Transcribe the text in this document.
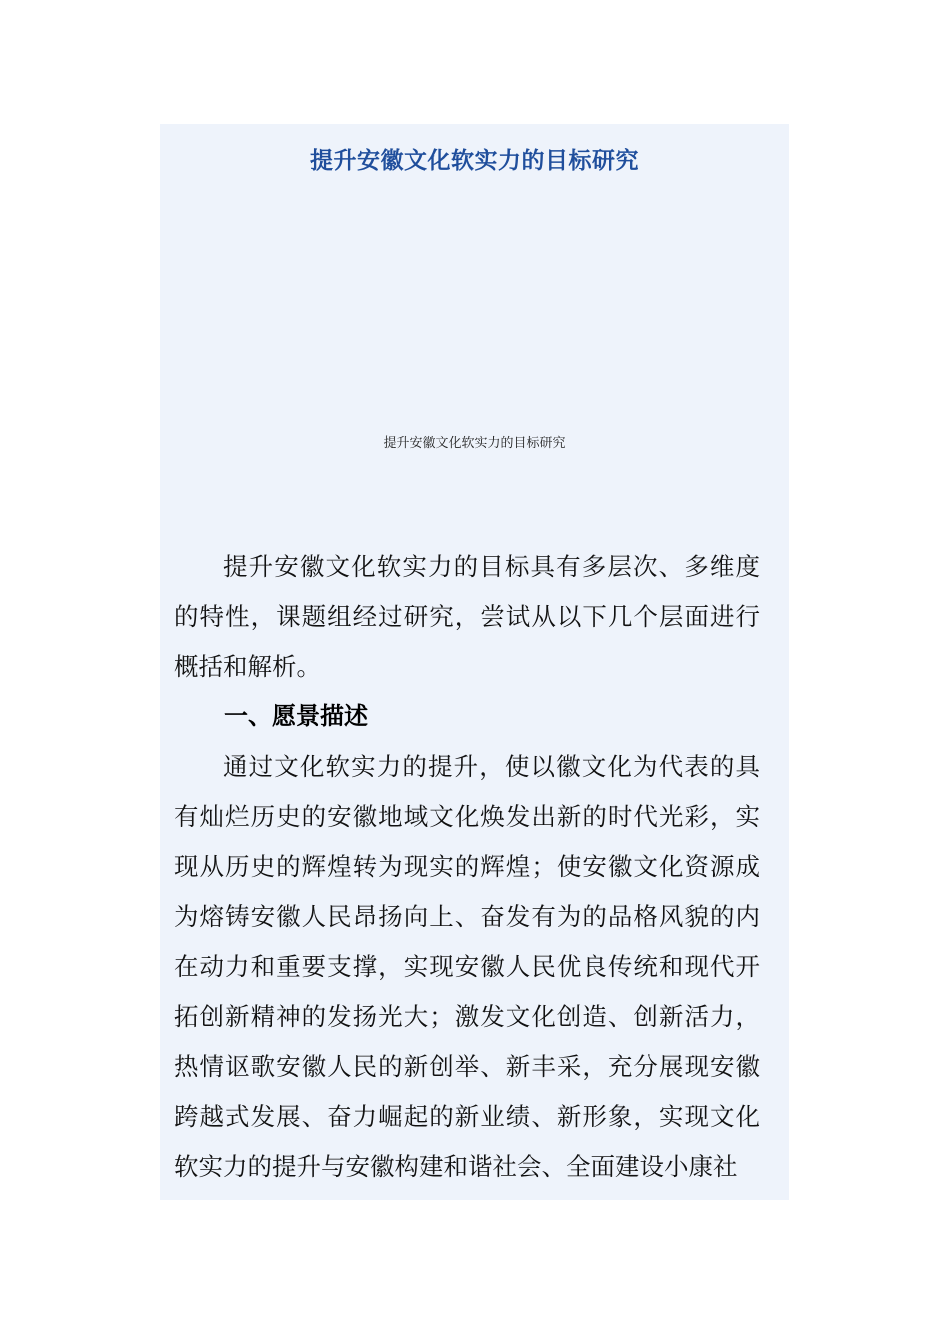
提升安徽文化软实力的目标研究
提升安徽文化软实力的目标研究

提升安徽文化软实力的目标具有多层次、多维度的特性，课题组经过研究，尝试从以下几个层面进行概括和解析。

一、愿景描述

通过文化软实力的提升，使以徽文化为代表的具有灿烂历史的安徽地域文化焕发出新的时代光彩，实现从历史的辉煌转为现实的辉煌；使安徽文化资源成为熔铸安徽人民昂扬向上、奋发有为的品格风貌的内在动力和重要支撑，实现安徽人民优良传统和现代开拓创新精神的发扬光大；激发文化创造、创新活力，热情讴歌安徽人民的新创举、新丰采，充分展现安徽跨越式发展、奋力崛起的新业绩、新形象，实现文化软实力的提升与安徽构建和谐社会、全面建设小康社
